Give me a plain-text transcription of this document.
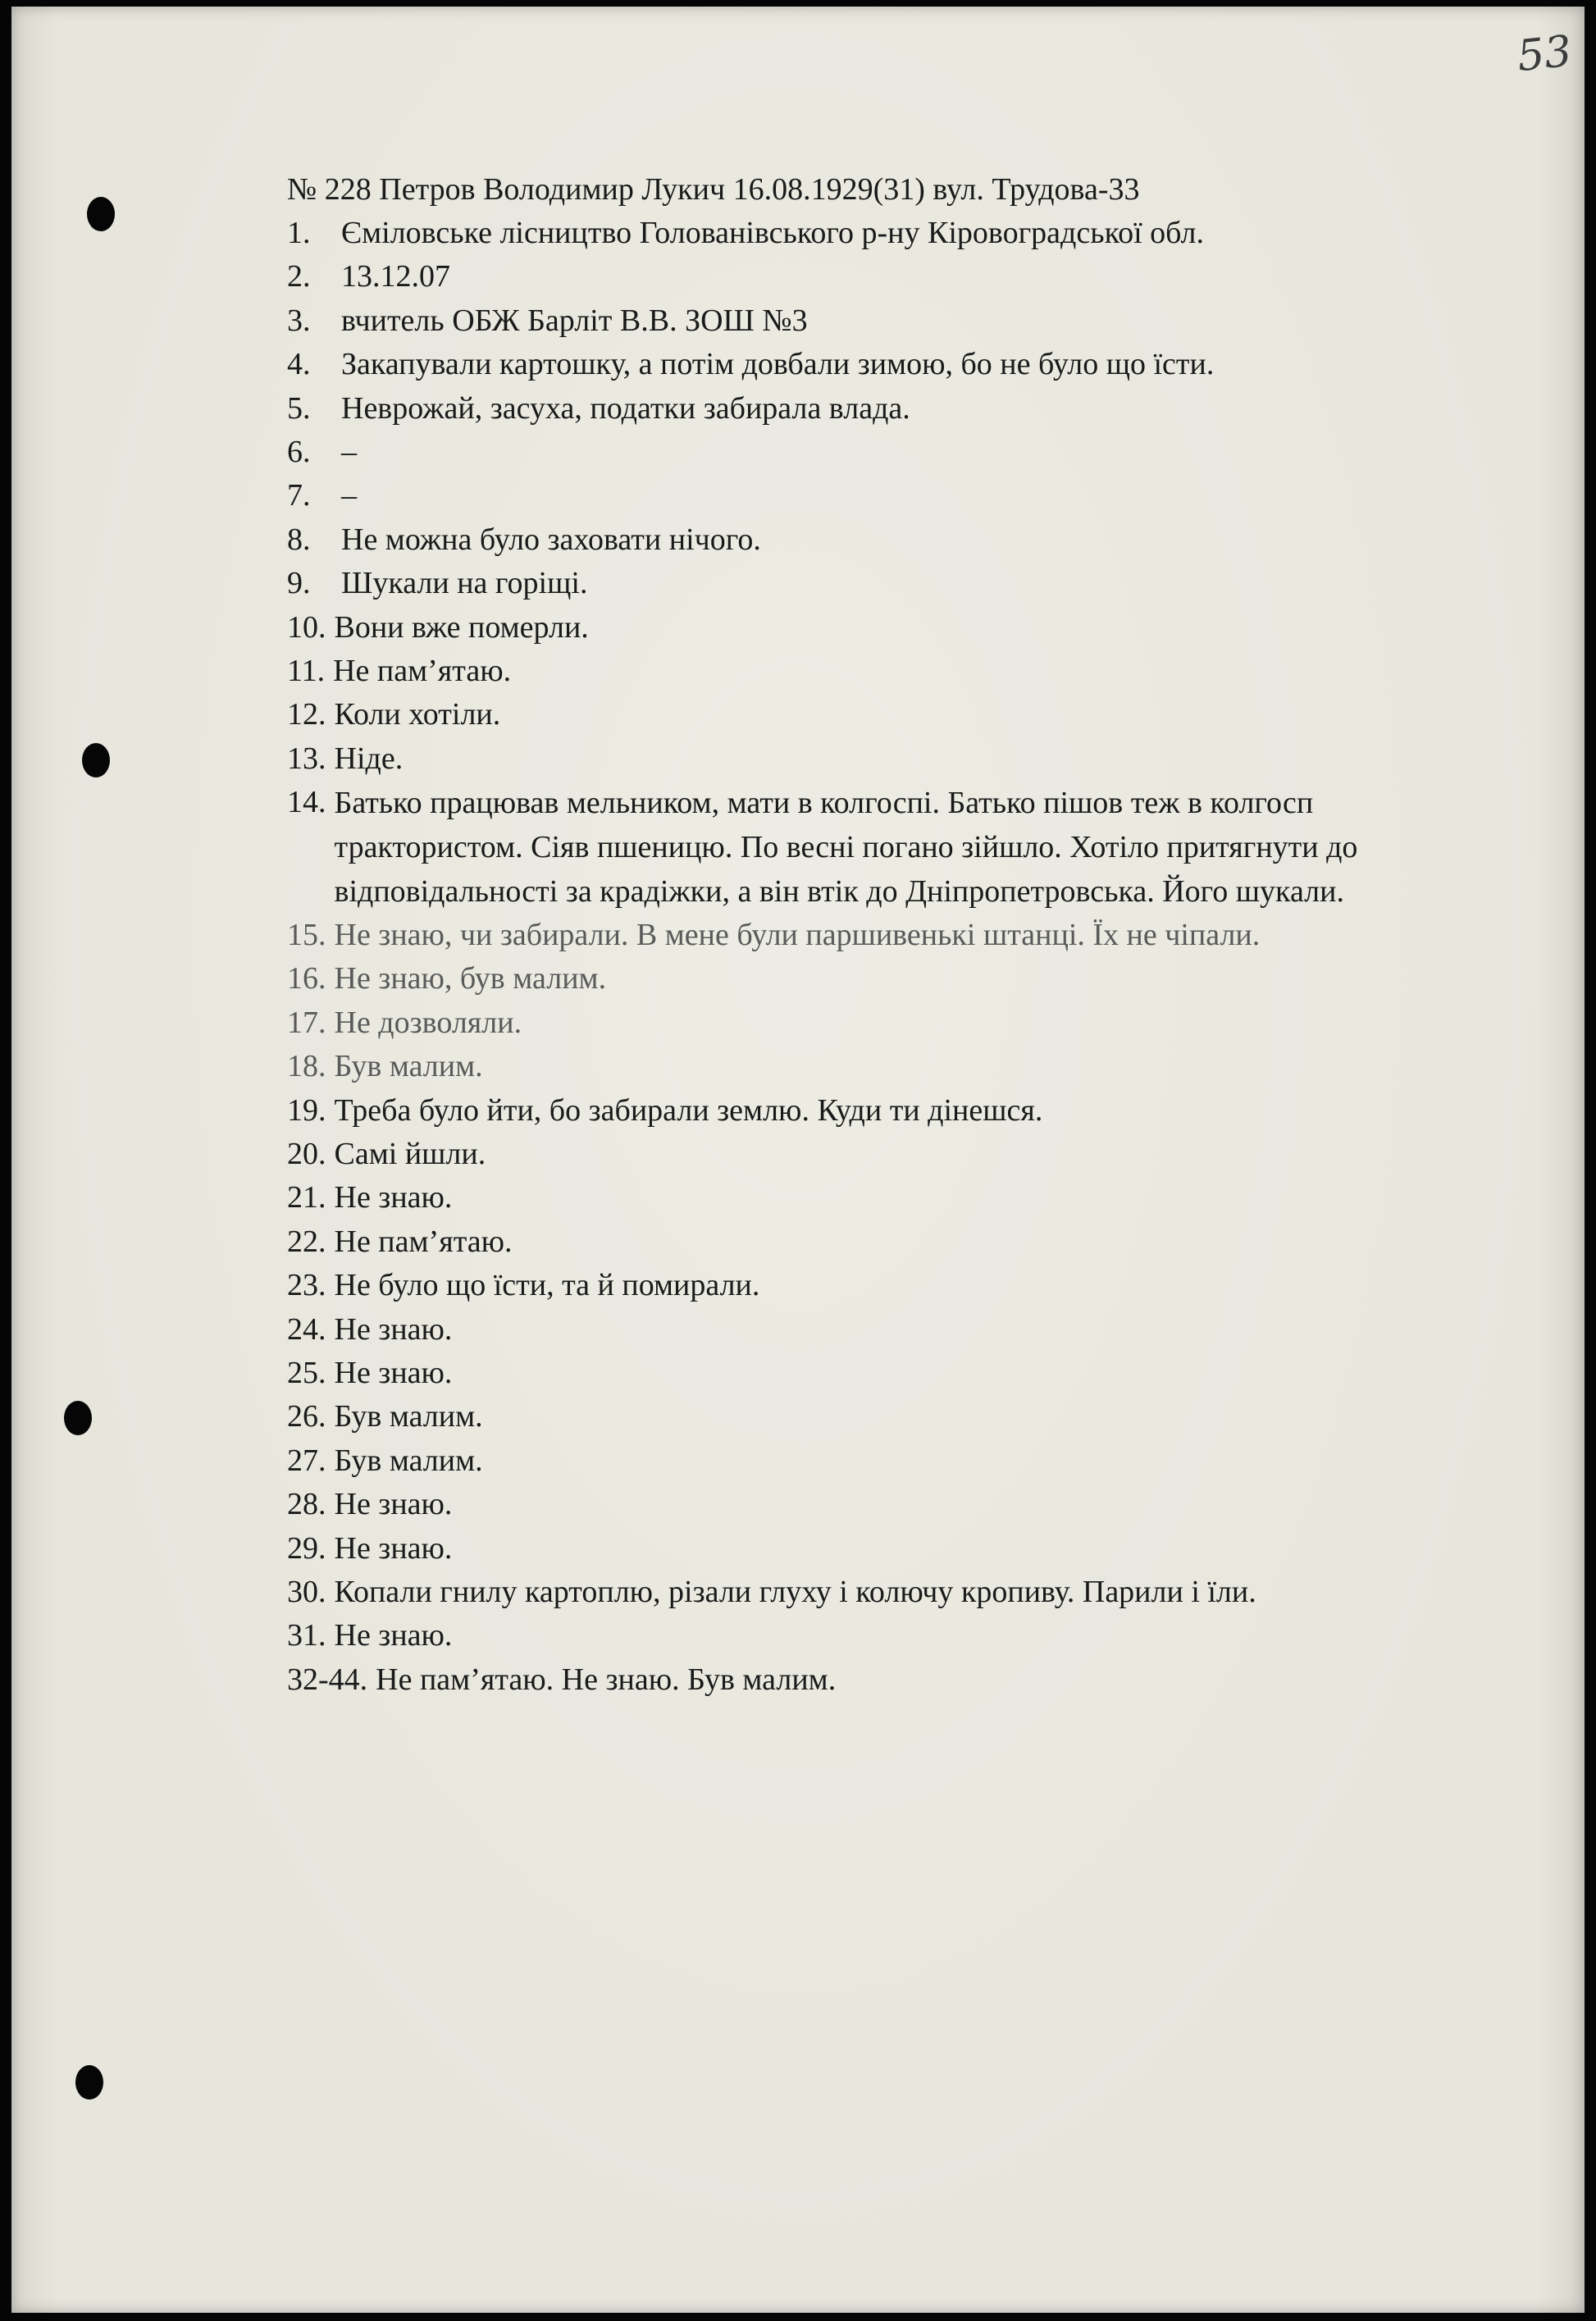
53
№ 228 Петров Володимир Лукич 16.08.1929(31) вул. Трудова-33
1. Єміловське лісництво Голованівського р-ну Кіровоградської обл.
2. 13.12.07
3. вчитель ОБЖ Барліт В.В. ЗОШ №3
4. Закапували картошку, а потім довбали зимою, бо не було що їсти.
5. Неврожай, засуха, податки забирала влада.
6. –
7. –
8. Не можна було заховати нічого.
9. Шукали на горіщі.
10. Вони вже померли.
11. Не пам’ятаю.
12. Коли хотіли.
13. Ніде.
14. Батько працював мельником, мати в колгоспі. Батько пішов теж в колгосп трактористом. Сіяв пшеницю. По весні погано зійшло. Хотіло притягнути до відповідальності за крадіжки, а він втік до Дніпропетровська. Його шукали.
15. Не знаю, чи забирали. В мене були паршивенькі штанці. Їх не чіпали.
16. Не знаю, був малим.
17. Не дозволяли.
18. Був малим.
19. Треба було йти, бо забирали землю. Куди ти дінешся.
20. Самі йшли.
21. Не знаю.
22. Не пам’ятаю.
23. Не було що їсти, та й помирали.
24. Не знаю.
25. Не знаю.
26. Був малим.
27. Був малим.
28. Не знаю.
29. Не знаю.
30. Копали гнилу картоплю, різали глуху і колючу кропиву. Парили і їли.
31. Не знаю.
32-44. Не пам’ятаю. Не знаю. Був малим.
